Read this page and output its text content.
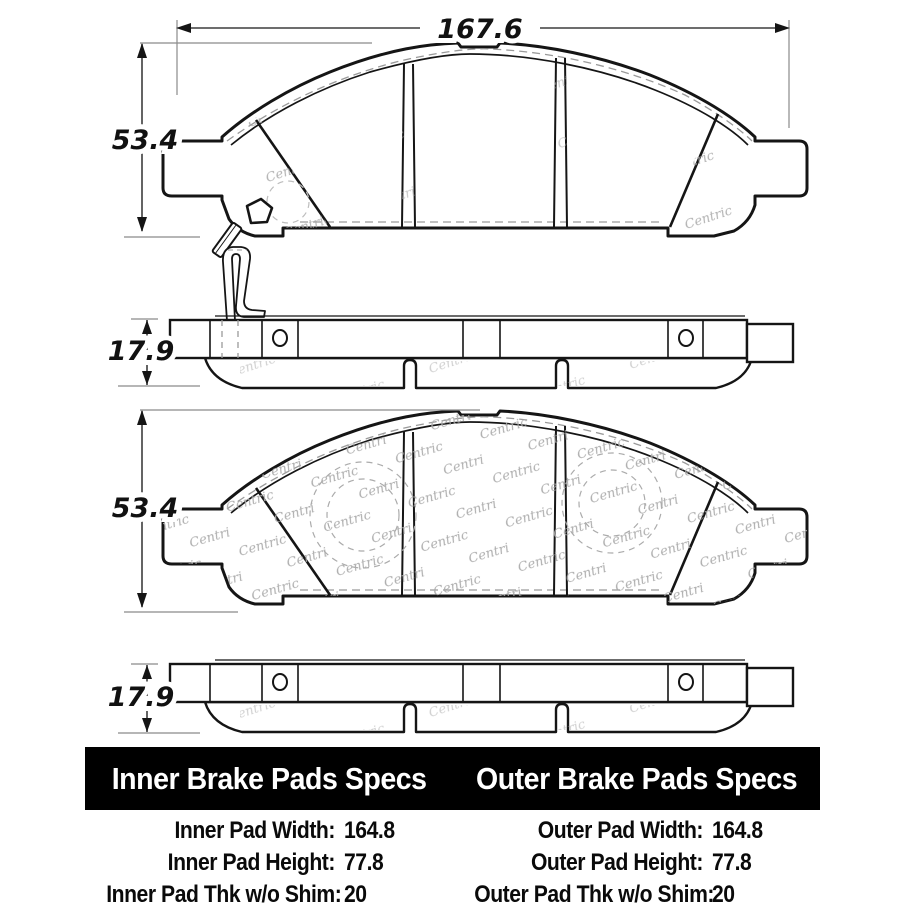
167.6
53.4
17.9
53.4
17.9
Inner Brake Pads Specs	Outer Brake Pads Specs
Inner Pad Width: 164.8
Inner Pad Height: 77.8
Inner Pad Thk w/o Shim: 20
Outer Pad Width: 164.8
Outer Pad Height: 77.8
Outer Pad Thk w/o Shim:
20
